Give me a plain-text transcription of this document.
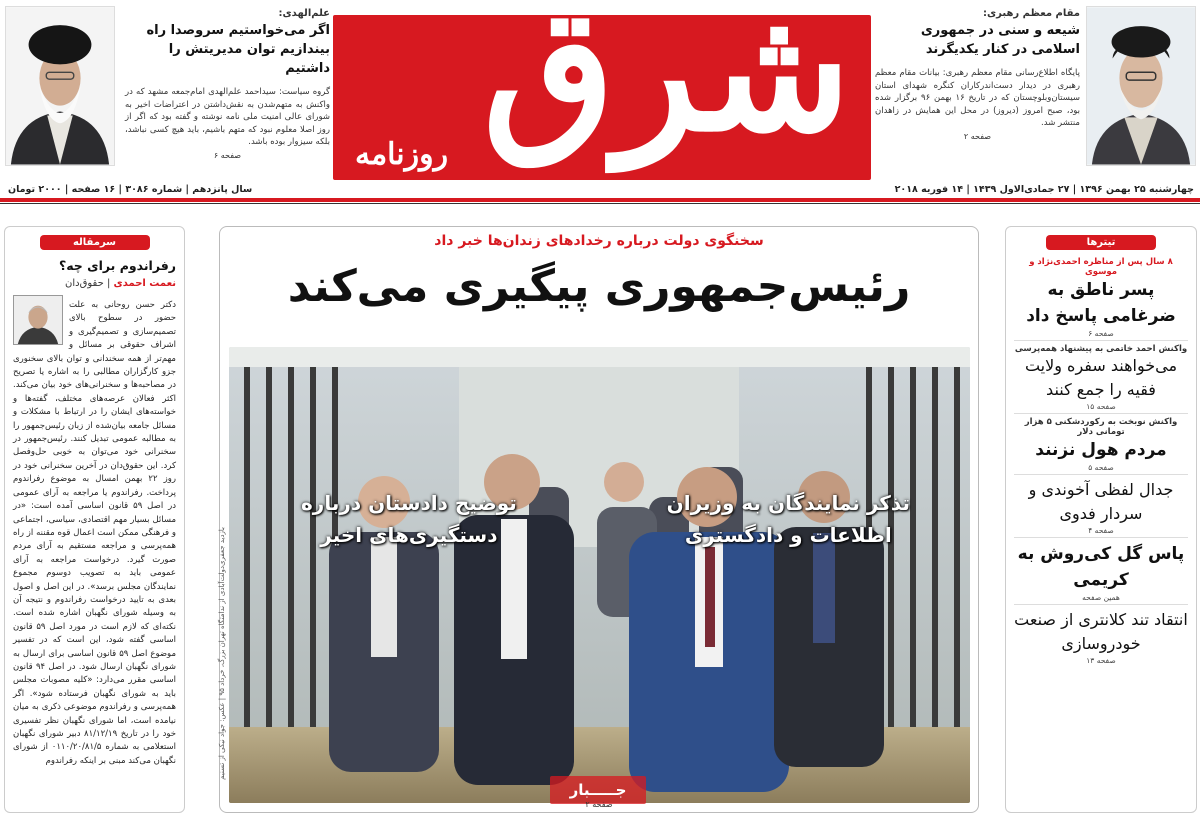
مقام معظم رهبری:
شیعه و سنی در جمهوری
اسلامی در کنار یکدیگرند
پایگاه اطلاع‌رسانی مقام معظم رهبری: بیانات مقام معظم رهبری در دیدار دست‌اندرکاران کنگره شهدای استان سیستان‌وبلوچستان که در تاریخ ۱۶ بهمن ۹۶ برگزار شده بود، صبح امروز (دیروز) در محل این همایش در زاهدان منتشر شد.
صفحه ۲
شرق
روزنامه
علم‌الهدی:
اگر می‌خواستیم سروصدا راه
بیندازیم توان مدیریتش را داشتیم
گروه سیاست: سیداحمد علم‌الهدی امام‌جمعه مشهد که در واکنش به متهم‌شدن به نقش‌داشتن در اعتراضات اخیر به شورای عالی امنیت ملی نامه نوشته و گفته بود که اگر از روز اصلا معلوم نبود که متهم باشیم، باید هیچ کسی نباشد، بلکه سیزوار بوده باشد.
صفحه ۶
چهارشنبه ۲۵ بهمن ۱۳۹۶ | ۲۷ جمادی‌الاول ۱۴۳۹ | ۱۴ فوریه ۲۰۱۸
سال پانزدهم | شماره ۳۰۸۶ | ۱۶ صفحه | ۲۰۰۰ تومان
تیترها
۸ سال پس از مناظره احمدی‌نژاد و موسوی
پسر ناطق به ضرغامی پاسخ داد
صفحه ۶
واکنش احمد خاتمی به پیشنهاد همه‌پرسی
می‌خواهند سفره ولایت فقیه را جمع کنند
صفحه ۱۵
واکنش نوبخت به رکوردشکنی ۵ هزار تومانی دلار
مردم هول نزنند
صفحه ۵
جدال لفظی آخوندی و سردار فدوی
صفحه ۴
پاس گل کی‌روش به کریمی
همین صفحه
انتقاد تند کلانتری از صنعت خودروسازی
صفحه ۱۳
سخنگوی دولت درباره رخدادهای زندان‌ها خبر داد
رئیس‌جمهوری پیگیری می‌کند
تذکر نمایندگان به وزیران
اطلاعات و دادگستری
توضیح دادستان درباره
دستگیری‌های اخیر
بازدید جعفری‌دولت‌آبادی از ندامتگاه تهران بزرگ، خرداد ۹۵ | عکس: جواد نیکی از تسنیم
جـــــبار
صفحه ۲
سرمقاله
رفراندوم برای چه؟
نعمت احمدی | حقوق‌دان
دکتر حسن روحانی به علت حضور در سطوح بالای تصمیم‌سازی و تصمیم‌گیری و اشراف حقوقی بر مسائل و مهم‌تر از همه سخندانی و توان بالای سخنوری جزو کارگزاران مطالبی را به اشاره یا تصریح در مصاحبه‌ها و سخنرانی‌های خود بیان می‌کند. اکثر فعالان عرصه‌های مختلف، گفته‌ها و خواسته‌های ایشان را در ارتباط با مشکلات و مسائل جامعه بیان‌شده از زبان رئیس‌جمهور را به مطالبه عمومی تبدیل کنند. رئیس‌جمهور در سخنرانی خود می‌توان به خوبی حل‌وفصل کرد. این حقوق‌دان در آخرین سخنرانی خود در روز ۲۲ بهمن امسال به موضوع رفراندوم پرداخت. رفراندوم یا مراجعه به آرای عمومی در اصل ۵۹ قانون اساسی آمده است: «در مسائل بسیار مهم اقتصادی، سیاسی، اجتماعی و فرهنگی ممکن است اعمال قوه مقننه از راه همه‌پرسی و مراجعه مستقیم به آرای مردم صورت گیرد. درخواست مراجعه به آرای عمومی باید به تصویب دوسوم مجموع نمایندگان مجلس برسد». در این اصل و اصول بعدی به تایید درخواست رفراندوم و نتیجه آن به وسیله شورای نگهبان اشاره شده است. نکته‌ای که لازم است در مورد اصل ۵۹ قانون اساسی گفته شود، این است که در تفسیر موضوع اصل ۵۹ قانون اساسی برای ارسال به شورای نگهبان ارسال شود. در اصل ۹۴ قانون اساسی مقرر می‌دارد: «کلیه مصوبات مجلس باید به شورای نگهبان فرستاده شود». اگر همه‌پرسی و رفراندوم موضوعی ذکری به میان نیامده است، اما شورای نگهبان نظر تفسیری خود را در تاریخ ۸۱/۱۲/۱۹ دبیر شورای نگهبان استعلامی به شماره ۰۱۱۰/۲۰/۸۱/۵ از شورای نگهبان می‌کند مبنی بر اینکه رفراندوم
